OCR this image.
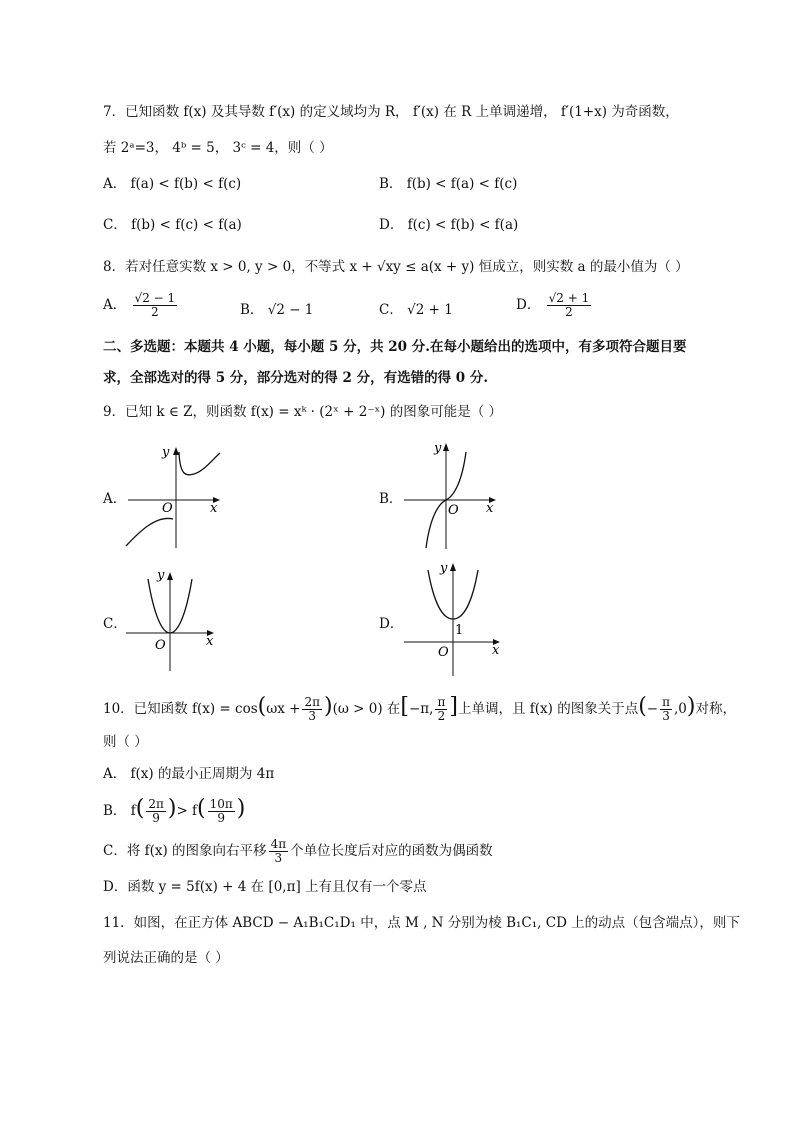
7．已知函数 f(x) 及其导数 f′(x) 的定义域均为 R， f′(x) 在 R 上单调递增， f′(1+x) 为奇函数，
若 2ᵃ=3， 4ᵇ = 5， 3ᶜ = 4，则（ ）
A． f(a) < f(b) < f(c)	B． f(b) < f(a) < f(c)
C． f(b) < f(c) < f(a)	D． f(c) < f(b) < f(a)
8．若对任意实数 x > 0, y > 0，不等式 x + √xy ≤ a(x + y) 恒成立，则实数 a 的最小值为（ ）
A． $\frac{√2 - 1}{2}$	B． √2 − 1	C． √2 + 1	D． $\frac{√2 + 1}{2}$
二、多选题：本题共 4 小题，每小题 5 分，共 20 分.在每小题给出的选项中，有多项符合题目要
求，全部选对的得 5 分，部分选对的得 2 分，有选错的得 0 分.
9．已知 k ∈ Z，则函数 f(x) = xᵏ · (2ˣ + 2⁻ˣ) 的图象可能是（ ）
A．
x
y
O
B．
x
y
O
C．
x
y
O
D．
x
y
O
1
10．已知函数 $f(x) = \cos(\omega x + \frac{2\pi}{3} )(\omega > 0)$ 在[−π, $\frac{\pi}{2}$ ]上单调，且 f(x) 的图象关于点(− $\frac{\pi}{3} ,0$)对称，
则（ ）
A． f(x) 的最小正周期为 4π
B． $f( \frac{2\pi}{9}$ )> $f( \frac{10\pi}{9}$ )
C．将 f(x) 的图象向右平移 $\frac{4\pi}{3}$ 个单位长度后对应的函数为偶函数
D．函数 y = 5f(x) + 4 在 [0,π] 上有且仅有一个零点
11．如图，在正方体 ABCD − A₁B₁C₁D₁ 中，点 M , N 分别为棱 B₁C₁, CD 上的动点（包含端点），则下
列说法正确的是（ ）
